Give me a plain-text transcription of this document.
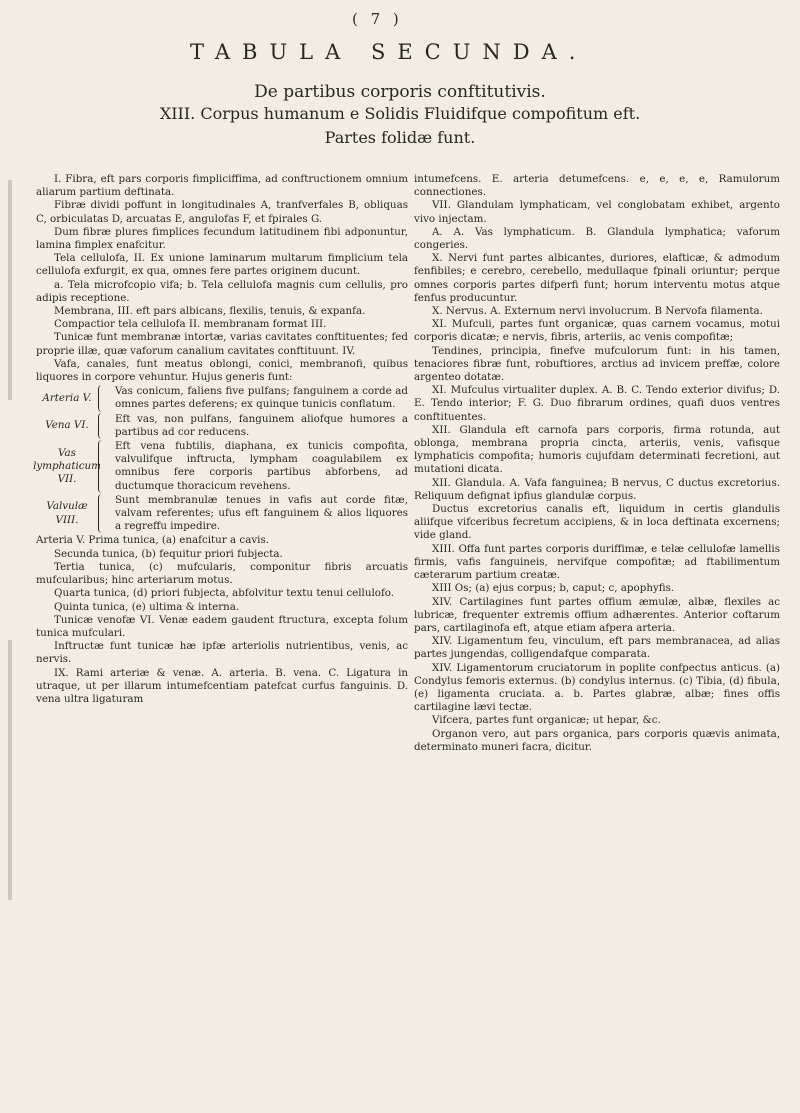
( 7 )
TABULA SECUNDA.
De partibus corporis conftitutivis.
XIII. Corpus humanum e Solidis Fluidifque compofitum eft.
Partes folidæ funt.

I. Fibra, eft pars corporis fimpliciffima, ad conftructionem omnium aliarum partium deftinata.

Fibræ dividi poffunt in longitudinales A, tranfverfales B, obliquas C, orbiculatas D, arcuatas E, angulofas F, et fpirales G.

Dum fibræ plures fimplices fecundum latitudinem fibi adponuntur, lamina fimplex enafcitur.

Tela cellulofa, II. Ex unione laminarum multarum fimplicium tela cellulofa exfurgit, ex qua, omnes fere partes originem ducunt.

a. Tela microfcopio vifa; b. Tela cellulofa magnis cum cellulis, pro adipis receptione.

Membrana, III. eft pars albicans, flexilis, tenuis, & expanfa.

Compactior tela cellulofa II. membranam format III.

Tunicæ funt membranæ intortæ, varias cavitates conftituentes; fed proprie illæ, quæ vaforum canalium cavitates conftituunt. IV.

Vafa, canales, funt meatus oblongi, conici, membranofi, quibus liquores in corpore vehuntur. Hujus generis funt:

Arteria V.
Vas conicum, faliens five pulfans; fanguinem a corde ad omnes partes deferens; ex quinque tunicis conflatum.
Vena VI.
Eft vas, non pulfans, fanguinem aliofque humores a partibus ad cor reducens.
Vas lymphaticum VII.
Eft vena fubtilis, diaphana, ex tunicis compofita, valvulifque inftructa, lympham coagulabilem ex omnibus fere corporis partibus abforbens, ad ductumque thoracicum revehens.
Valvulæ VIII.
Sunt membranulæ tenues in vafis aut corde fitæ, valvam referentes; ufus eft fanguinem & alios liquores a regreffu impedire.

Arteria V. Prima tunica, (a) enafcitur a cavis.

Secunda tunica, (b) fequitur priori fubjecta.

Tertia tunica, (c) mufcularis, componitur fibris arcuatis mufcularibus; hinc arteriarum motus.

Quarta tunica, (d) priori fubjecta, abfolvitur textu tenui cellulofo.

Quinta tunica, (e) ultima & interna.

Tunicæ venofæ VI. Venæ eadem gaudent ftructura, excepta folum tunica mufculari.

Inftructæ funt tunicæ hæ ipfæ arteriolis nutrientibus, venis, ac nervis.

IX. Rami arteriæ & venæ. A. arteria. B. vena. C. Ligatura in utraque, ut per illarum intumefcentiam patefcat curfus fanguinis. D. vena ultra ligaturam

intumefcens. E. arteria detumefcens. e, e, e, e, Ramulorum connectiones.

VII. Glandulam lymphaticam, vel conglobatam exhibet, argento vivo injectam.

A. A. Vas lymphaticum. B. Glandula lymphatica; vaforum congeries.

X. Nervi funt partes albicantes, duriores, elafticæ, & admodum fenfibiles; e cerebro, cerebello, medullaque fpinali oriuntur; perque omnes corporis partes difperfi funt; horum interventu motus atque fenfus producuntur.

X. Nervus. A. Externum nervi involucrum. B Nervofa filamenta.

XI. Mufculi, partes funt organicæ, quas carnem vocamus, motui corporis dicatæ; e nervis, fibris, arteriis, ac venis compofitæ;

Tendines, principia, finefve mufculorum funt: in his tamen, tenaciores fibræ funt, robuftiores, arctius ad invicem preffæ, colore argenteo dotatæ.

XI. Mufculus virtualiter duplex. A. B. C. Tendo exterior divifus; D. E. Tendo interior; F. G. Duo fibrarum ordines, quafi duos ventres conftituentes.

XII. Glandula eft carnofa pars corporis, firma rotunda, aut oblonga, membrana propria cincta, arteriis, venis, vafisque lymphaticis compofita; humoris cujufdam determinati fecretioni, aut mutationi dicata.

XII. Glandula. A. Vafa fanguinea; B nervus, C ductus excretorius. Reliquum defignat ipfius glandulæ corpus.

Ductus excretorius canalis eft, liquidum in certis glandulis aliifque vifceribus fecretum accipiens, & in loca deftinata excernens; vide gland.

XIII. Offa funt partes corporis duriffimæ, e telæ cellulofæ lamellis firmis, vafis fanguineis, nervifque compofitæ; ad ftabilimentum cæterarum partium creatæ.

XIII Os; (a) ejus corpus; b, caput; c, apophyfis.

XIV. Cartilagines funt partes offium æmulæ, albæ, flexiles ac lubricæ, frequenter extremis offium adhærentes. Anterior coftarum pars, cartilaginofa eft, atque etiam afpera arteria.

XIV. Ligamentum feu, vinculum, eft pars membranacea, ad alias partes jungendas, colligendafque comparata.

XIV. Ligamentorum cruciatorum in poplite confpectus anticus. (a) Condylus femoris externus. (b) condylus internus. (c) Tibia, (d) fibula, (e) ligamenta cruciata. a. b. Partes glabræ, albæ; fines offis cartilagine lævi tectæ.

Vifcera, partes funt organicæ; ut hepar, &c.

Organon vero, aut pars organica, pars corporis quævis animata, determinato muneri facra, dicitur.
